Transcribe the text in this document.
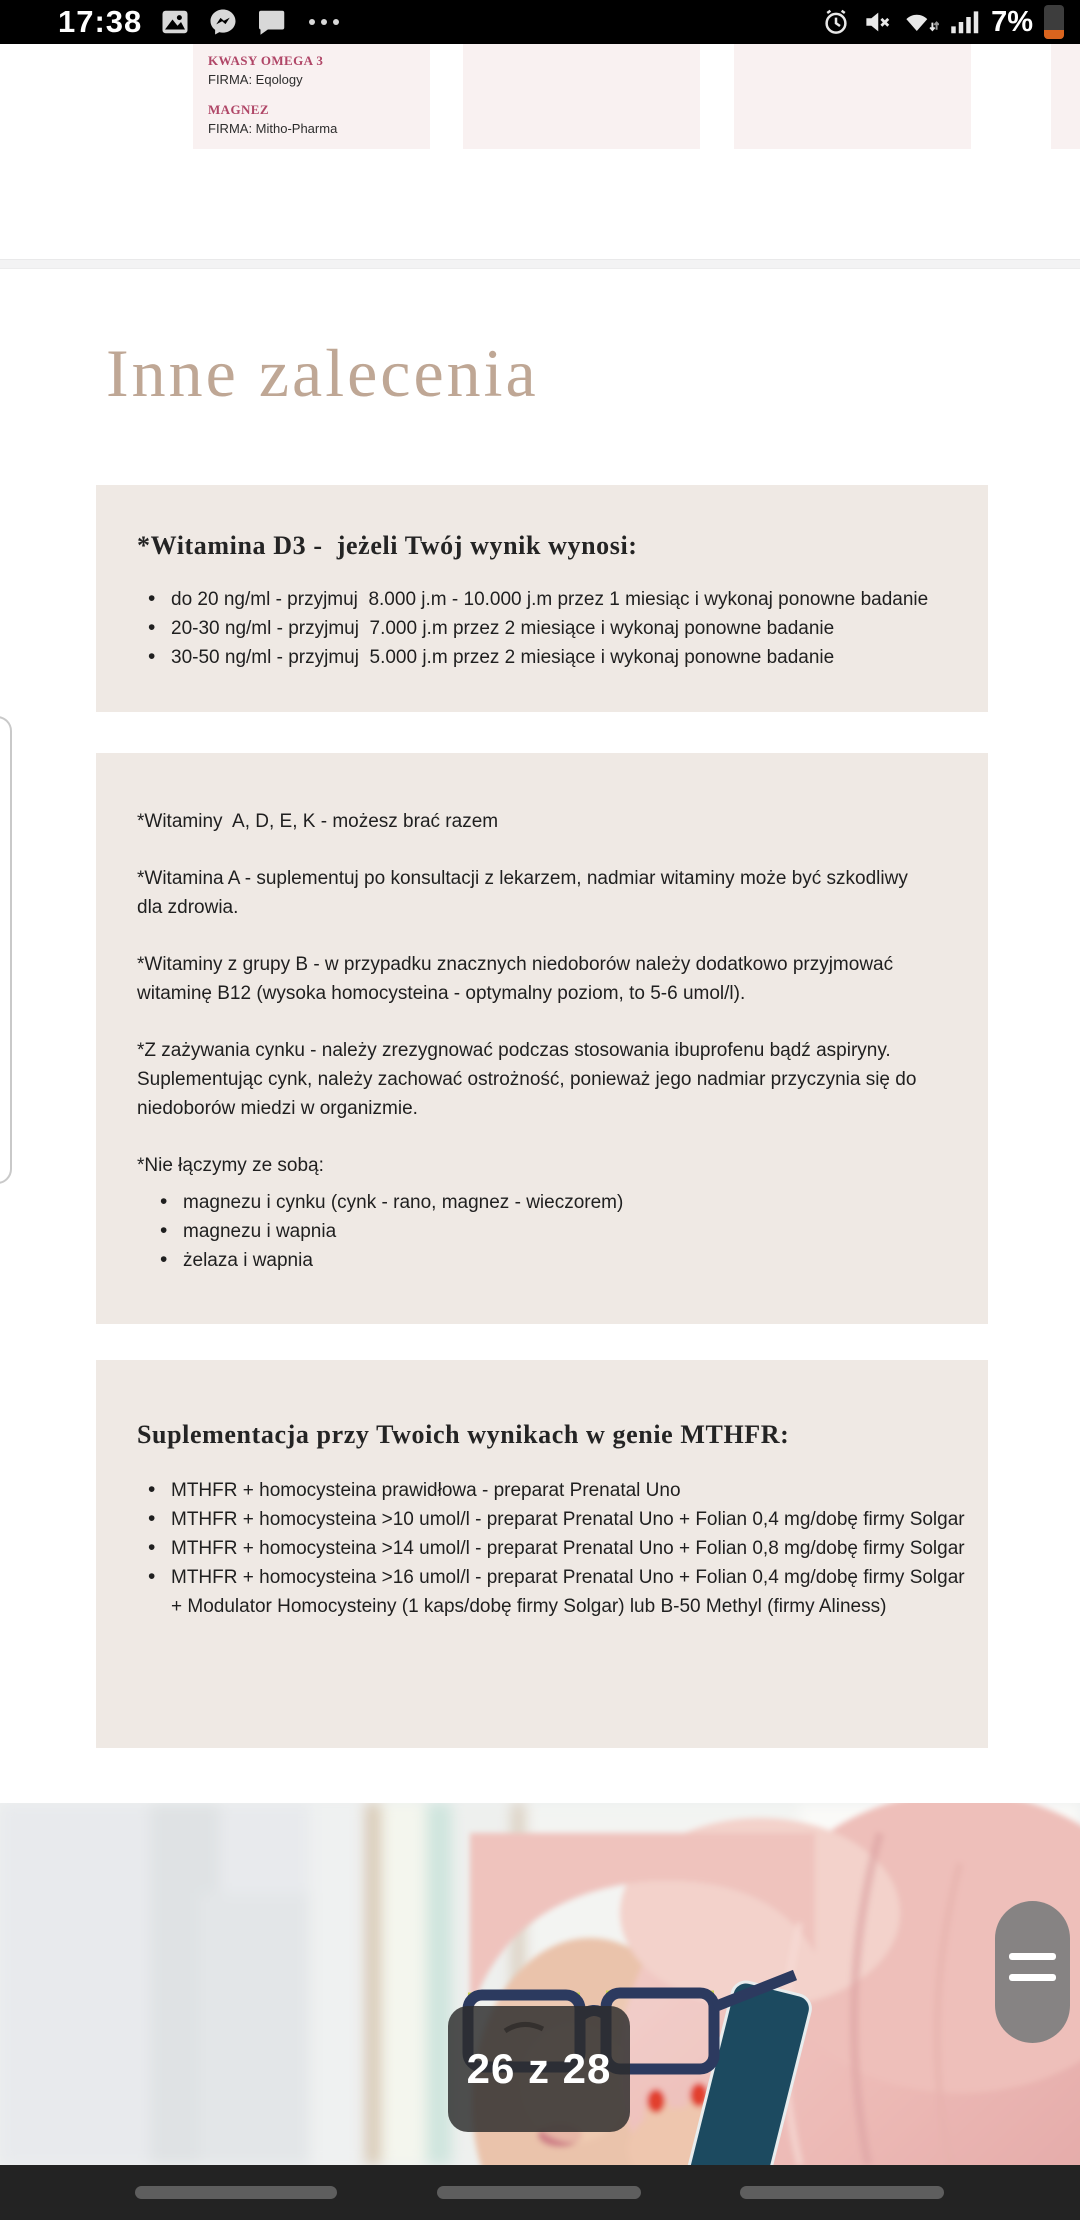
17:38	7%
KWASY OMEGA 3
FIRMA: Eqology
MAGNEZ
FIRMA: Mitho-Pharma
Inne zalecenia
*Witamina D3 -  jeżeli Twój wynik wynosi:
• do 20 ng/ml - przyjmuj  8.000 j.m - 10.000 j.m przez 1 miesiąc i wykonaj ponowne badanie
• 20-30 ng/ml - przyjmuj  7.000 j.m przez 2 miesiące i wykonaj ponowne badanie
• 30-50 ng/ml - przyjmuj  5.000 j.m przez 2 miesiące i wykonaj ponowne badanie

*Witaminy  A, D, E, K - możesz brać razem

*Witamina A - suplementuj po konsultacji z lekarzem, nadmiar witaminy może być szkodliwy dla zdrowia.

*Witaminy z grupy B - w przypadku znacznych niedoborów należy dodatkowo przyjmować witaminę B12 (wysoka homocysteina - optymalny poziom, to 5-6 umol/l).

*Z zażywania cynku - należy zrezygnować podczas stosowania ibuprofenu bądź aspiryny. Suplementując cynk, należy zachować ostrożność, ponieważ jego nadmiar przyczynia się do niedoborów miedzi w organizmie.

*Nie łączymy ze sobą:

• magnezu i cynku (cynk - rano, magnez - wieczorem)
• magnezu i wapnia
• żelaza i wapnia
Suplementacja przy Twoich wynikach w genie MTHFR:
• MTHFR + homocysteina prawidłowa - preparat Prenatal Uno
• MTHFR + homocysteina >10 umol/l - preparat Prenatal Uno + Folian 0,4 mg/dobę firmy Solgar
• MTHFR + homocysteina >14 umol/l - preparat Prenatal Uno + Folian 0,8 mg/dobę firmy Solgar
• MTHFR + homocysteina >16 umol/l - preparat Prenatal Uno + Folian 0,4 mg/dobę firmy Solgar + Modulator Homocysteiny (1 kaps/dobę firmy Solgar) lub B-50 Methyl (firmy Aliness)
26 z 28
